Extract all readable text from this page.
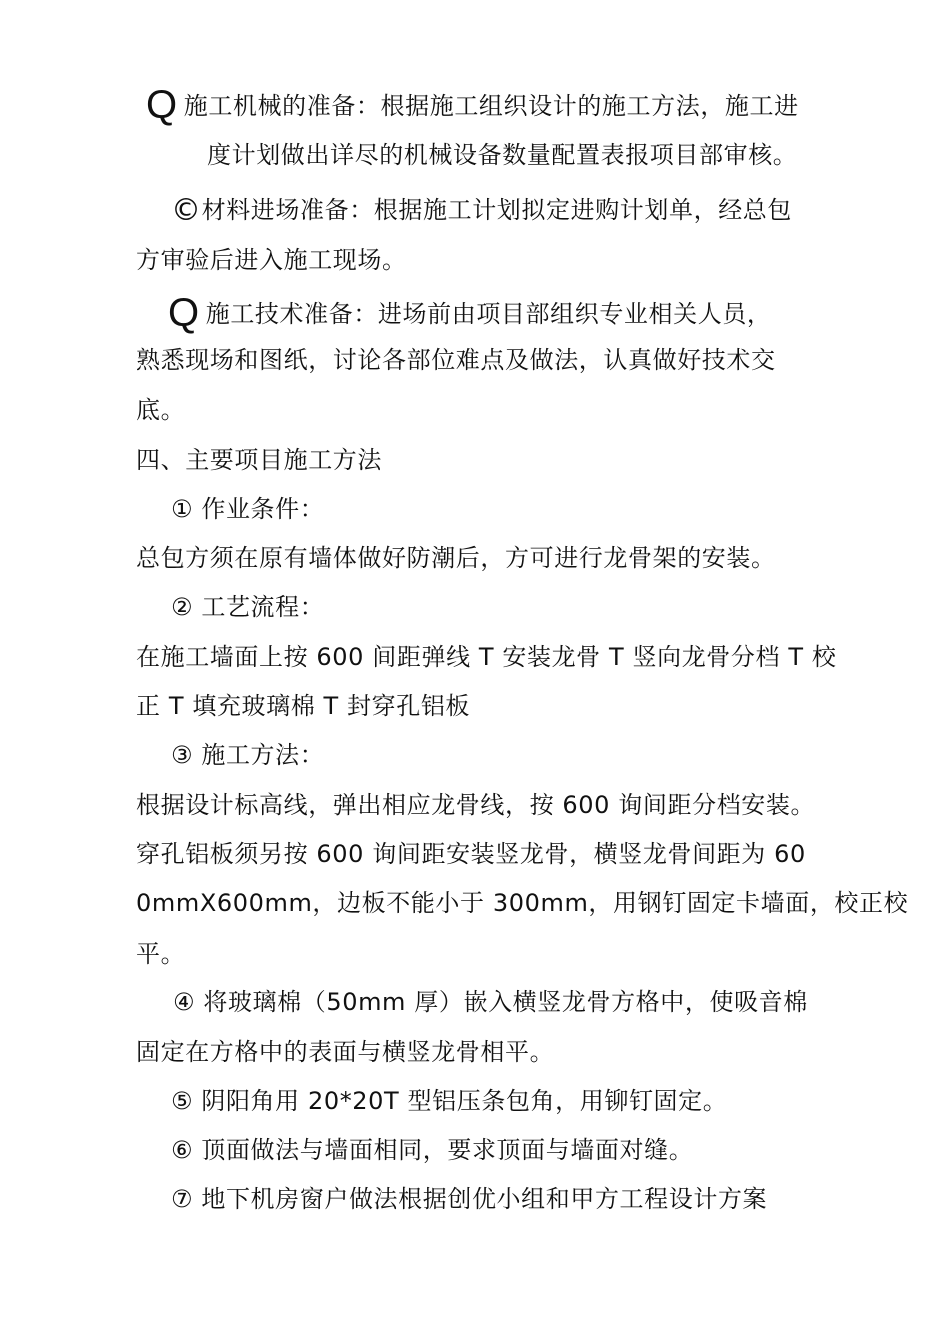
Q施工机械的准备：根据施工组织设计的施工方法，施工进
度计划做出详尽的机械设备数量配置表报项目部审核。
©材料进场准备：根据施工计划拟定进购计划单，经总包
方审验后进入施工现场。
Q施工技术准备：进场前由项目部组织专业相关人员，
熟悉现场和图纸，讨论各部位难点及做法，认真做好技术交
底。
四、主要项目施工方法
① 作业条件：
总包方须在原有墙体做好防潮后，方可进行龙骨架的安装。
② 工艺流程：
在施工墙面上按 600 间距弹线 T 安装龙骨 T 竖向龙骨分档 T 校
正 T 填充玻璃棉 T 封穿孔铝板
③ 施工方法：
根据设计标高线，弹出相应龙骨线，按 600 询间距分档安装。
穿孔铝板须另按 600 询间距安装竖龙骨，横竖龙骨间距为 60
0mmX600mm，边板不能小于 300mm，用钢钉固定卡墙面，校正校
平。
④ 将玻璃棉（50mm 厚）嵌入横竖龙骨方格中，使吸音棉
固定在方格中的表面与横竖龙骨相平。
⑤ 阴阳角用 20*20T 型铝压条包角，用铆钉固定。
⑥ 顶面做法与墙面相同，要求顶面与墙面对缝。
⑦ 地下机房窗户做法根据创优小组和甲方工程设计方案
